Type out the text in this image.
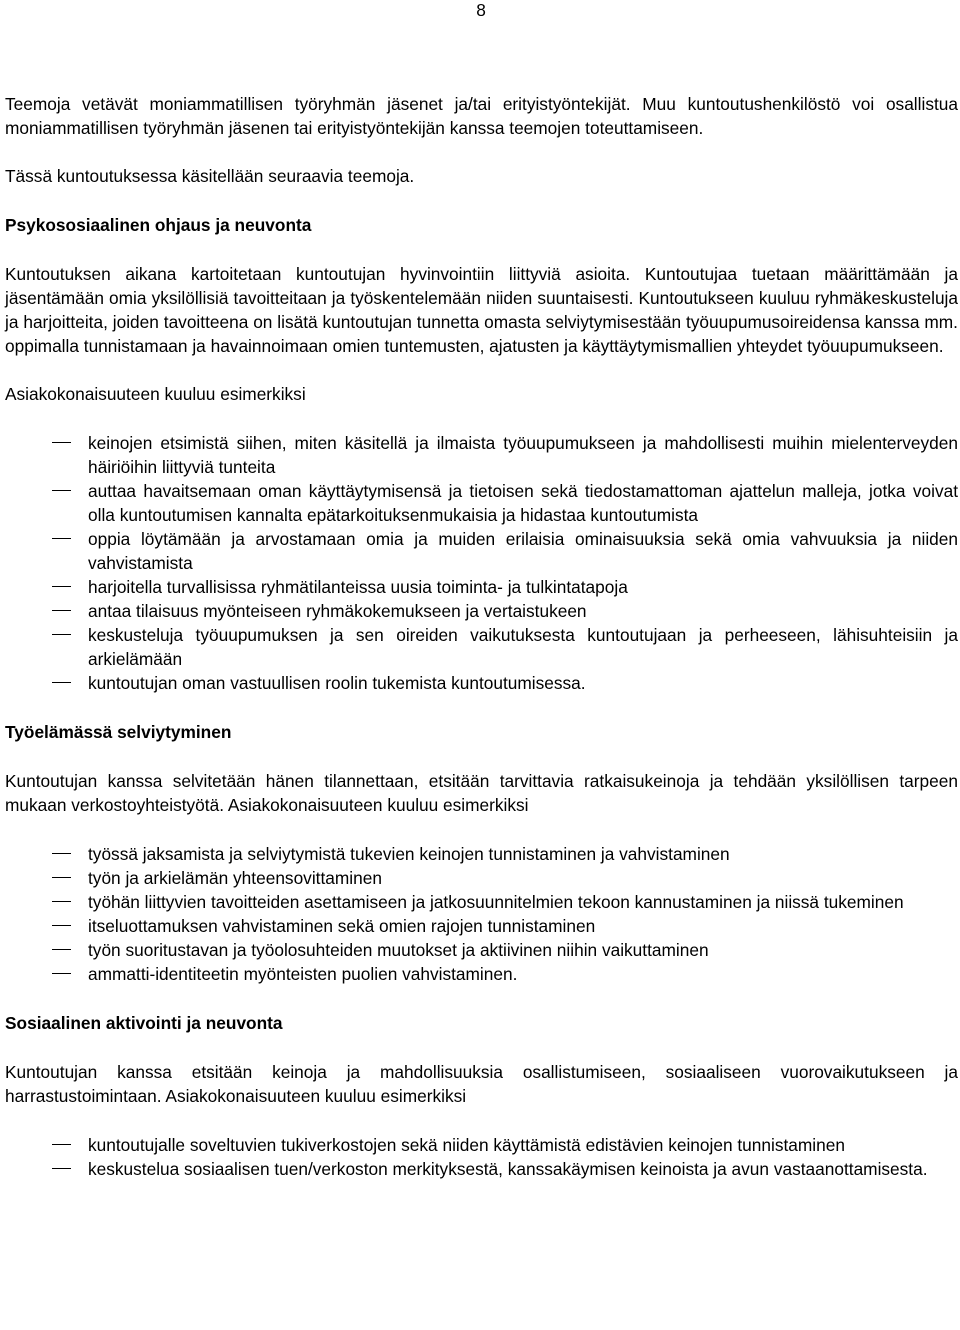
8

Teemoja vetävät moniammatillisen työryhmän jäsenet ja/tai erityistyöntekijät. Muu kuntoutushenkilöstö voi osallistua moniammatillisen työryhmän jäsenen tai erityistyöntekijän kanssa teemojen toteuttamiseen.

Tässä kuntoutuksessa käsitellään seuraavia teemoja.

Psykososiaalinen ohjaus ja neuvonta

Kuntoutuksen aikana kartoitetaan kuntoutujan hyvinvointiin liittyviä asioita. Kuntoutujaa tuetaan määrittämään ja jäsentämään omia yksilöllisiä tavoitteitaan ja työskentelemään niiden suuntaisesti. Kuntoutukseen kuuluu ryhmäkeskusteluja ja harjoitteita, joiden tavoitteena on lisätä kuntoutujan tunnetta omasta selviytymisestään työuupumusoireidensa kanssa mm. oppimalla tunnistamaan ja havainnoimaan omien tuntemusten, ajatusten ja käyttäytymismallien yhteydet työuupumukseen.

Asiakokonaisuuteen kuuluu esimerkiksi

keinojen etsimistä siihen, miten käsitellä ja ilmaista työuupumukseen ja mahdollisesti muihin mielenterveyden häiriöihin liittyviä tunteita
auttaa havaitsemaan oman käyttäytymisensä ja tietoisen sekä tiedostamattoman ajattelun malleja, jotka voivat olla kuntoutumisen kannalta epätarkoituksenmukaisia ja hidastaa kuntoutumista
oppia löytämään ja arvostamaan omia ja muiden erilaisia ominaisuuksia sekä omia vahvuuksia ja niiden vahvistamista
harjoitella turvallisissa ryhmätilanteissa uusia toiminta- ja tulkintatapoja
antaa tilaisuus myönteiseen ryhmäkokemukseen ja vertaistukeen
keskusteluja työuupumuksen ja sen oireiden vaikutuksesta kuntoutujaan ja perheeseen, lähisuhteisiin ja arkielämään
kuntoutujan oman vastuullisen roolin tukemista kuntoutumisessa.
Työelämässä selviytyminen

Kuntoutujan kanssa selvitetään hänen tilannettaan, etsitään tarvittavia ratkaisukeinoja ja tehdään yksilöllisen tarpeen mukaan verkostoyhteistyötä. Asiakokonaisuuteen kuuluu esimerkiksi

työssä jaksamista ja selviytymistä tukevien keinojen tunnistaminen ja vahvistaminen
työn ja arkielämän yhteensovittaminen
työhän liittyvien tavoitteiden asettamiseen ja jatkosuunnitelmien tekoon kannustaminen ja niissä tukeminen
itseluottamuksen vahvistaminen sekä omien rajojen tunnistaminen
työn suoritustavan ja työolosuhteiden muutokset ja aktiivinen niihin vaikuttaminen
ammatti-identiteetin myönteisten puolien vahvistaminen.
Sosiaalinen aktivointi ja neuvonta

Kuntoutujan kanssa etsitään keinoja ja mahdollisuuksia osallistumiseen, sosiaaliseen vuorovaikutukseen ja harrastustoimintaan. Asiakokonaisuuteen kuuluu esimerkiksi

kuntoutujalle soveltuvien tukiverkostojen sekä niiden käyttämistä edistävien keinojen tunnistaminen
keskustelua sosiaalisen tuen/verkoston merkityksestä, kanssakäymisen keinoista ja avun vastaanottamisesta.
